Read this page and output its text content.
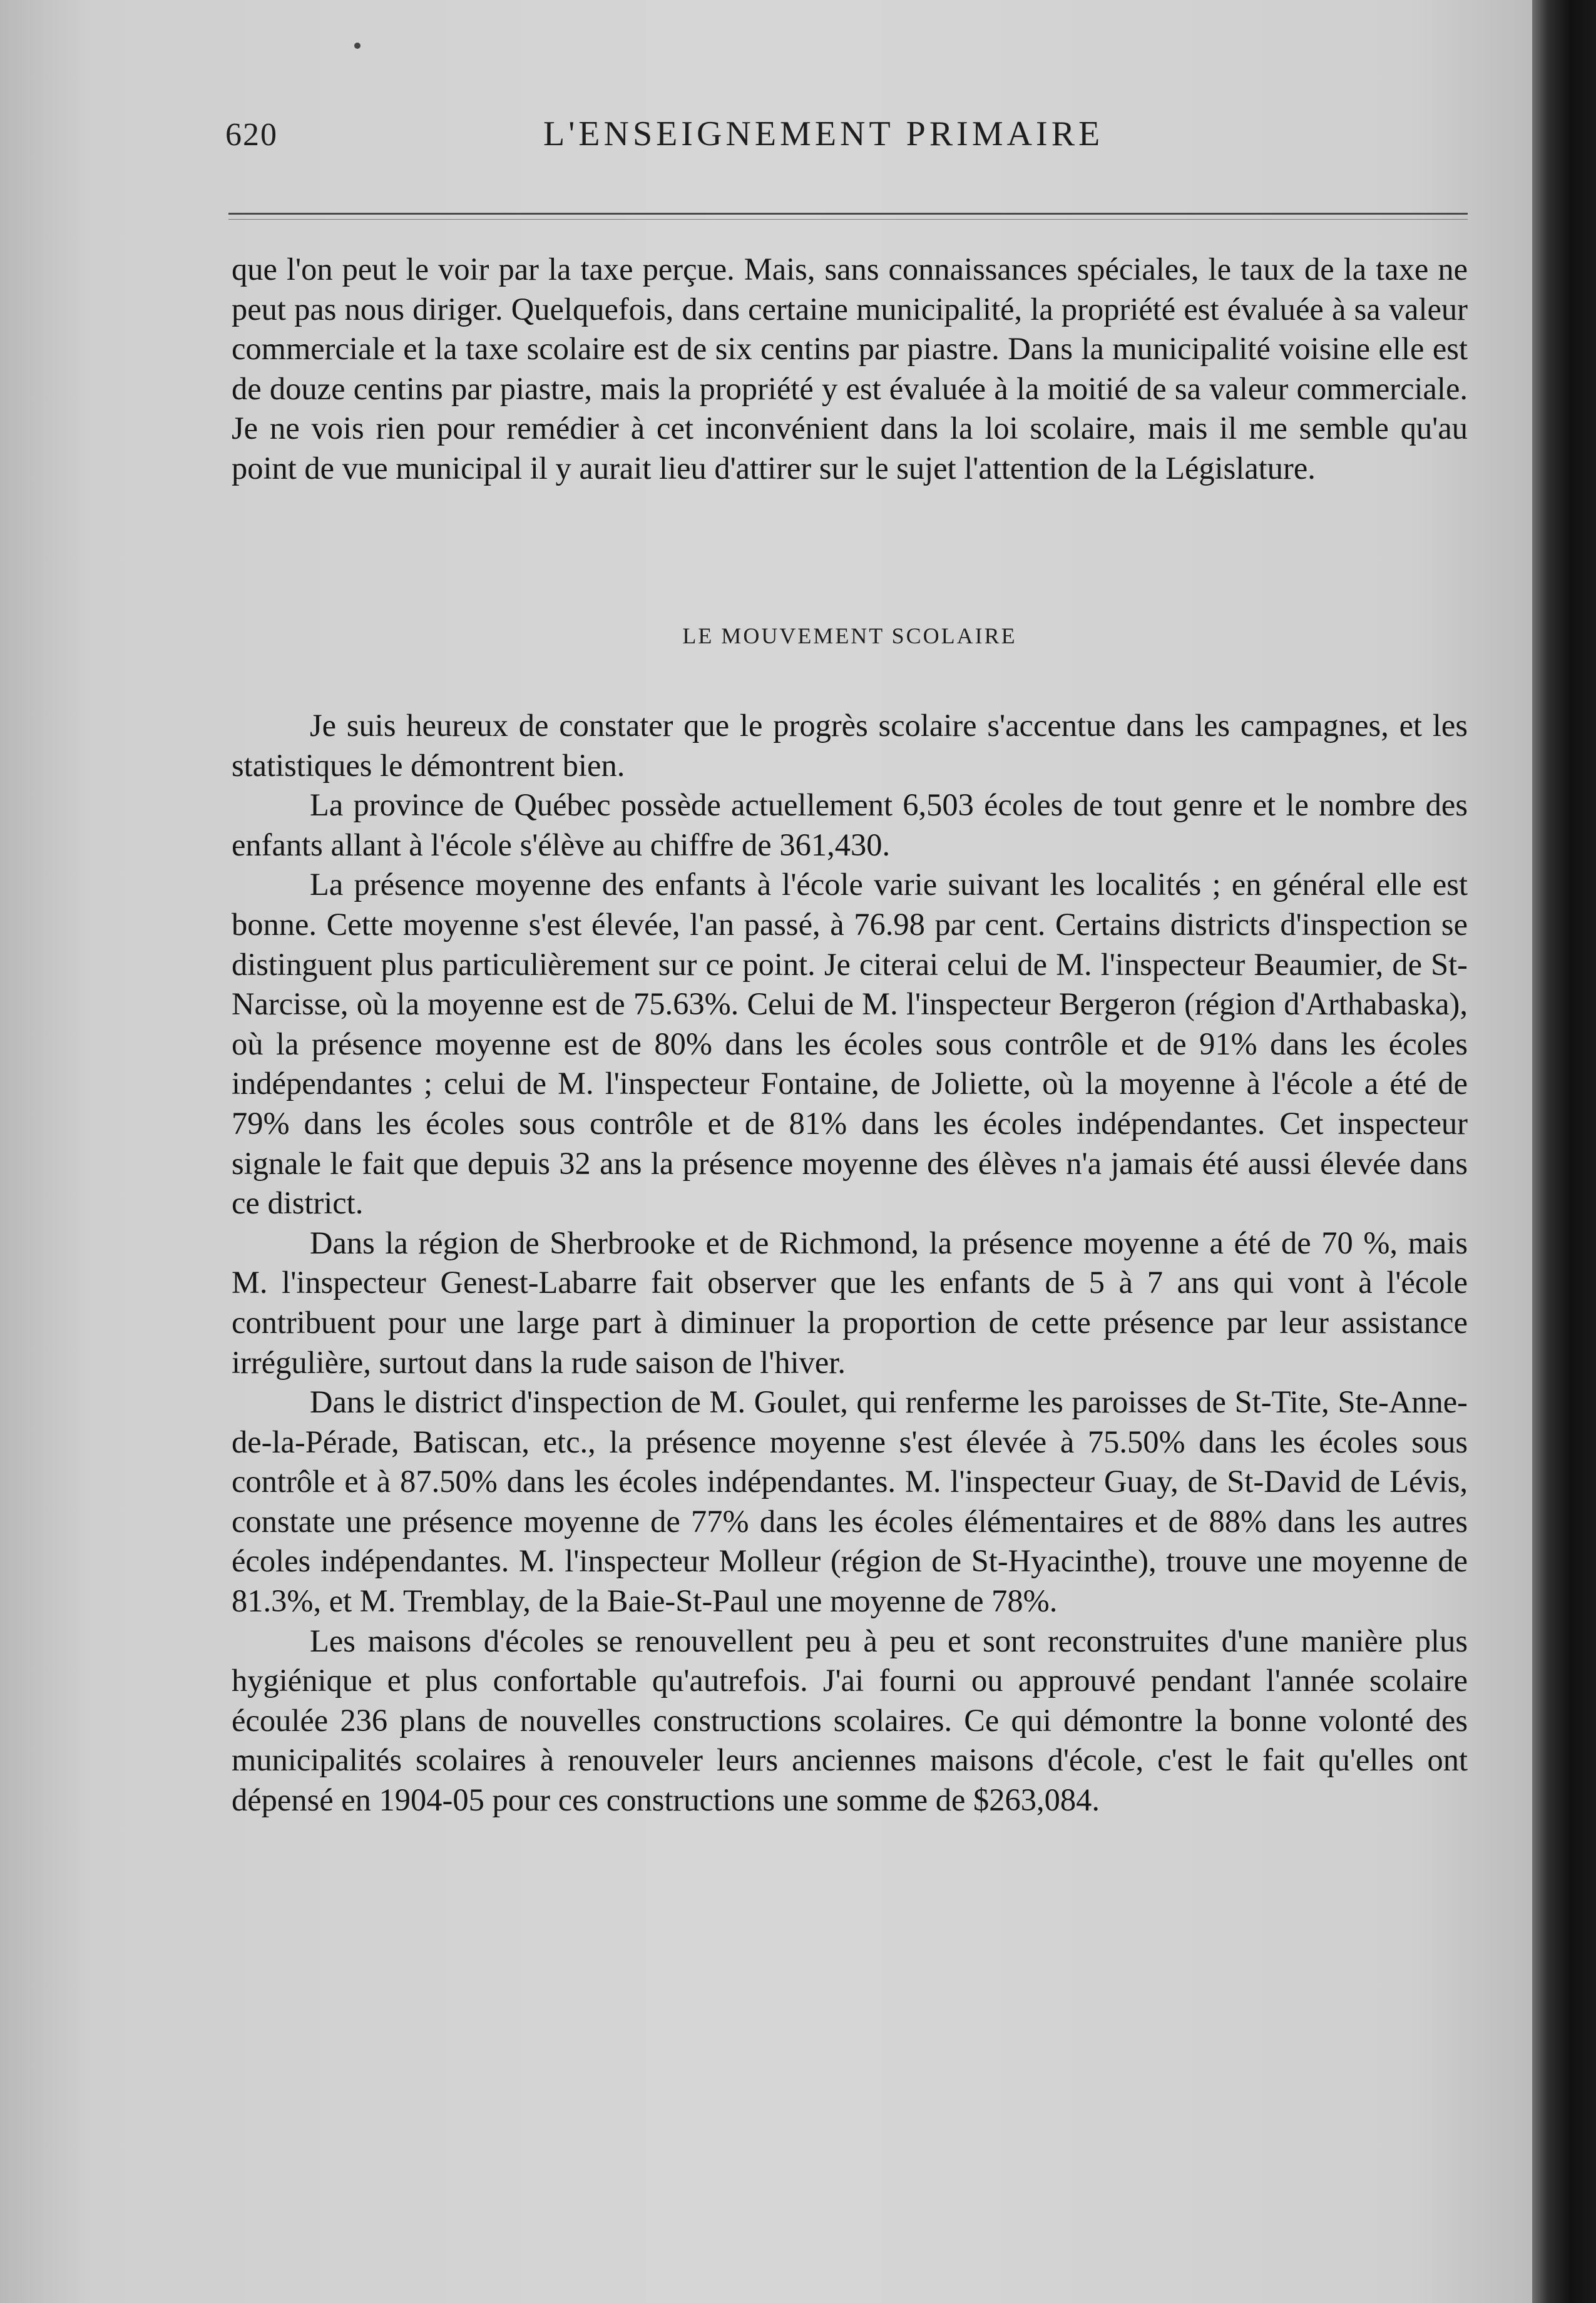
620	L'ENSEIGNEMENT PRIMAIRE

que l'on peut le voir par la taxe perçue. Mais, sans connaissances spéciales, le taux de la taxe ne peut pas nous diriger. Quelquefois, dans certaine municipalité, la propriété est évaluée à sa valeur commerciale et la taxe scolaire est de six centins par piastre. Dans la municipalité voisine elle est de douze centins par piastre, mais la propriété y est évaluée à la moitié de sa valeur commerciale. Je ne vois rien pour remédier à cet inconvénient dans la loi scolaire, mais il me semble qu'au point de vue municipal il y aurait lieu d'attirer sur le sujet l'attention de la Législature.

LE MOUVEMENT SCOLAIRE

Je suis heureux de constater que le progrès scolaire s'accentue dans les campagnes, et les statistiques le démontrent bien.

La province de Québec possède actuellement 6,503 écoles de tout genre et le nombre des enfants allant à l'école s'élève au chiffre de 361,430.

La présence moyenne des enfants à l'école varie suivant les localités ; en général elle est bonne. Cette moyenne s'est élevée, l'an passé, à 76.98 par cent. Certains districts d'inspection se distinguent plus particulièrement sur ce point. Je citerai celui de M. l'inspecteur Beaumier, de St-Narcisse, où la moyenne est de 75.63%. Celui de M. l'inspecteur Bergeron (région d'Arthabaska), où la présence moyenne est de 80% dans les écoles sous contrôle et de 91% dans les écoles indépendantes ; celui de M. l'inspecteur Fontaine, de Joliette, où la moyenne à l'école a été de 79% dans les écoles sous contrôle et de 81% dans les écoles indépendantes. Cet inspecteur signale le fait que depuis 32 ans la présence moyenne des élèves n'a jamais été aussi élevée dans ce district.

Dans la région de Sherbrooke et de Richmond, la présence moyenne a été de 70 %, mais M. l'inspecteur Genest-Labarre fait observer que les enfants de 5 à 7 ans qui vont à l'école contribuent pour une large part à diminuer la proportion de cette présence par leur assistance irrégulière, surtout dans la rude saison de l'hiver.

Dans le district d'inspection de M. Goulet, qui renferme les paroisses de St-Tite, Ste-Anne-de-la-Pérade, Batiscan, etc., la présence moyenne s'est élevée à 75.50% dans les écoles sous contrôle et à 87.50% dans les écoles indépendantes. M. l'inspecteur Guay, de St-David de Lévis, constate une présence moyenne de 77% dans les écoles élémentaires et de 88% dans les autres écoles indépendantes. M. l'inspecteur Molleur (région de St-Hyacinthe), trouve une moyenne de 81.3%, et M. Tremblay, de la Baie-St-Paul une moyenne de 78%.

Les maisons d'écoles se renouvellent peu à peu et sont reconstruites d'une manière plus hygiénique et plus confortable qu'autrefois. J'ai fourni ou approuvé pendant l'année scolaire écoulée 236 plans de nouvelles constructions scolaires. Ce qui démontre la bonne volonté des municipalités scolaires à renouveler leurs anciennes maisons d'école, c'est le fait qu'elles ont dépensé en 1904-05 pour ces constructions une somme de $263,084.
